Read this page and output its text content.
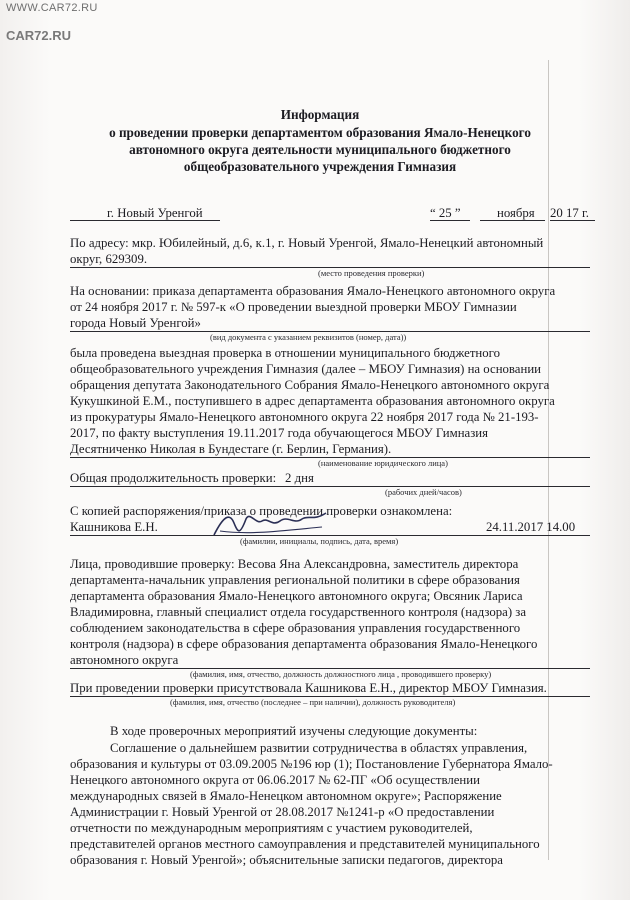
WWW.CAR72.RU
CAR72.RU
Информация
о проведении проверки департаментом образования Ямало-Ненецкого
автономного округа деятельности муниципального бюджетного
общеобразовательного учреждения Гимназия
г. Новый Уренгой	“ 25 ”	ноября 20 17 г.
По адресу: мкр. Юбилейный, д.6, к.1, г. Новый Уренгой, Ямало-Ненецкий автономный
округ, 629309.
(место проведения проверки)
На основании: приказа департамента образования Ямало-Ненецкого автономного округа
от 24 ноября 2017 г. № 597-к «О проведении выездной проверки МБОУ Гимназии
города Новый Уренгой»
(вид документа с указанием реквизитов (номер, дата))
была проведена выездная проверка в отношении муниципального бюджетного
общеобразовательного учреждения Гимназия (далее – МБОУ Гимназия) на основании
обращения депутата Законодательного Собрания Ямало-Ненецкого автономного округа
Кукушкиной Е.М., поступившего в адрес департамента образования автономного округа
из прокуратуры Ямало-Ненецкого автономного округа 22 ноября 2017 года № 21-193-
2017, по факту выступления 19.11.2017 года обучающегося МБОУ Гимназия
Десятниченко Николая в Бундестаге (г. Берлин, Германия).
(наименование юридического лица)
Общая продолжительность проверки: 2 дня
(рабочих дней/часов)
С копией распоряжения/приказа о проведении проверки ознакомлена:
Кашникова Е.Н.	24.11.2017 14.00
(фамилии, инициалы, подпись, дата, время)
Лица, проводившие проверку: Весова Яна Александровна, заместитель директора
департамента-начальник управления региональной политики в сфере образования
департамента образования Ямало-Ненецкого автономного округа; Овсяник Лариса
Владимировна, главный специалист отдела государственного контроля (надзора) за
соблюдением законодательства в сфере образования управления государственного
контроля (надзора) в сфере образования департамента образования Ямало-Ненецкого
автономного округа
(фамилия, имя, отчество, должность должностного лица , проводившего проверку)
При проведении проверки присутствовала Кашникова Е.Н., директор МБОУ Гимназия.
(фамилия, имя, отчество (последнее – при наличии), должность руководителя)
В ходе проверочных мероприятий изучены следующие документы:
Соглашение о дальнейшем развитии сотрудничества в областях управления,
образования и культуры от 03.09.2005 №196 юр (1); Постановление Губернатора Ямало-
Ненецкого автономного округа от 06.06.2017 № 62-ПГ «Об осуществлении
международных связей в Ямало-Ненецком автономном округе»; Распоряжение
Администрации г. Новый Уренгой от 28.08.2017 №1241-р «О предоставлении
отчетности по международным мероприятиям с участием руководителей,
представителей органов местного самоуправления и представителей муниципального
образования г. Новый Уренгой»; объяснительные записки педагогов, директора
